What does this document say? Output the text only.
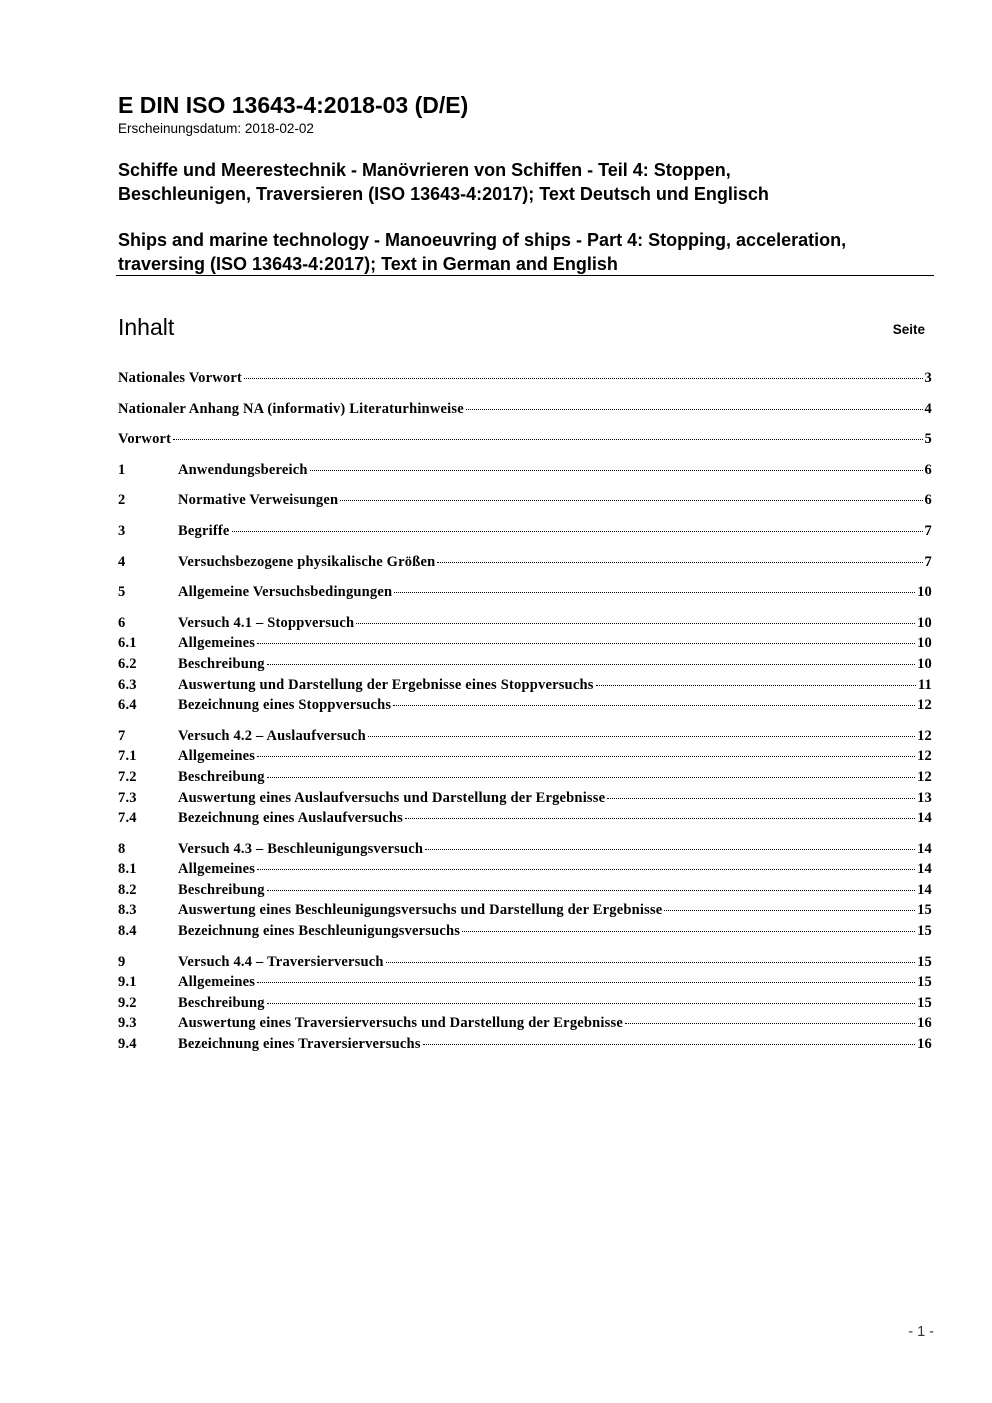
E DIN ISO 13643-4:2018-03 (D/E)
Erscheinungsdatum: 2018-02-02
Schiffe und Meerestechnik - Manövrieren von Schiffen - Teil 4: Stoppen,
Beschleunigen, Traversieren (ISO 13643-4:2017); Text Deutsch und Englisch
Ships and marine technology - Manoeuvring of ships - Part 4: Stopping, acceleration,
traversing (ISO 13643-4:2017); Text in German and English
Inhalt	Seite
Nationales Vorwort	3
Nationaler Anhang NA (informativ) Literaturhinweise	4
Vorwort	5
1	Anwendungsbereich	6
2	Normative Verweisungen	6
3	Begriffe	7
4	Versuchsbezogene physikalische Größen	7
5	Allgemeine Versuchsbedingungen	10
6	Versuch 4.1 – Stoppversuch	10
6.1	Allgemeines	10
6.2	Beschreibung	10
6.3	Auswertung und Darstellung der Ergebnisse eines Stoppversuchs	11
6.4	Bezeichnung eines Stoppversuchs	12
7	Versuch 4.2 – Auslaufversuch	12
7.1	Allgemeines	12
7.2	Beschreibung	12
7.3	Auswertung eines Auslaufversuchs und Darstellung der Ergebnisse	13
7.4	Bezeichnung eines Auslaufversuchs	14
8	Versuch 4.3 – Beschleunigungsversuch	14
8.1	Allgemeines	14
8.2	Beschreibung	14
8.3	Auswertung eines Beschleunigungsversuchs und Darstellung der Ergebnisse	15
8.4	Bezeichnung eines Beschleunigungsversuchs	15
9	Versuch 4.4 – Traversierversuch	15
9.1	Allgemeines	15
9.2	Beschreibung	15
9.3	Auswertung eines Traversierversuchs und Darstellung der Ergebnisse	16
9.4	Bezeichnung eines Traversierversuchs	16
- 1 -
